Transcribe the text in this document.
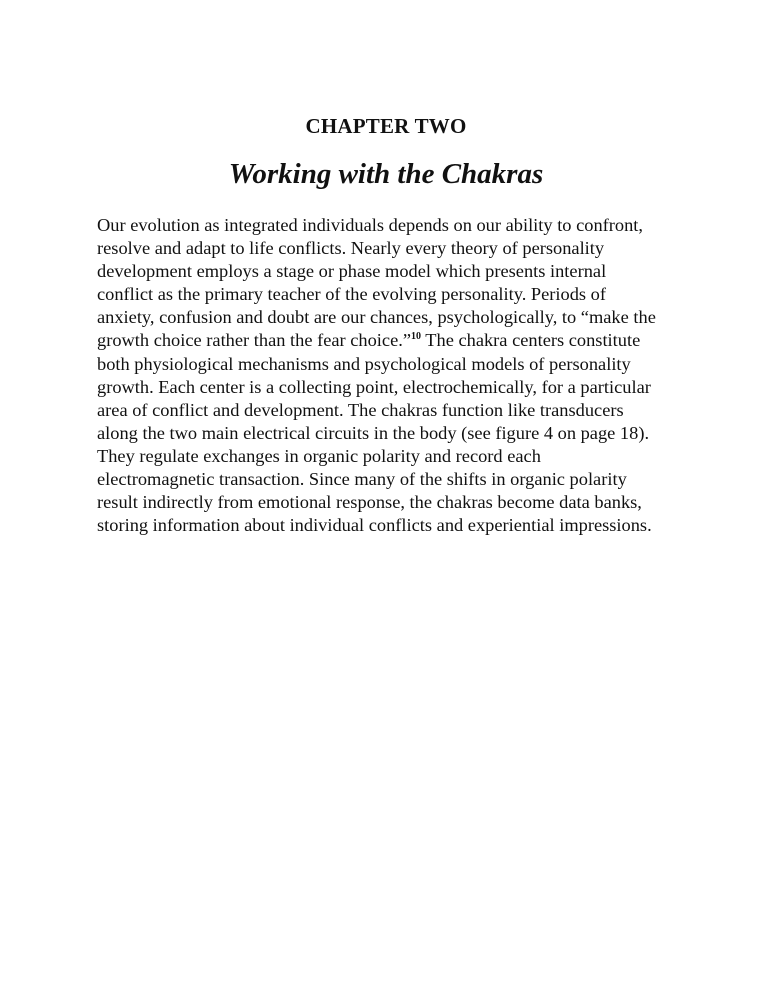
CHAPTER TWO
Working with the Chakras
Our evolution as integrated individuals depends on our ability to confront,
resolve and adapt to life conflicts. Nearly every theory of personality
development employs a stage or phase model which presents internal
conflict as the primary teacher of the evolving personality. Periods of
anxiety, confusion and doubt are our chances, psychologically, to “make the
growth choice rather than the fear choice.”$^{10}$ The chakra centers constitute
both physiological mechanisms and psychological models of personality
growth. Each center is a collecting point, electrochemically, for a particular
area of conflict and development. The chakras function like transducers
along the two main electrical circuits in the body (see figure 4 on page 18).
They regulate exchanges in organic polarity and record each
electromagnetic transaction. Since many of the shifts in organic polarity
result indirectly from emotional response, the chakras become data banks,
storing information about individual conflicts and experiential impressions.
